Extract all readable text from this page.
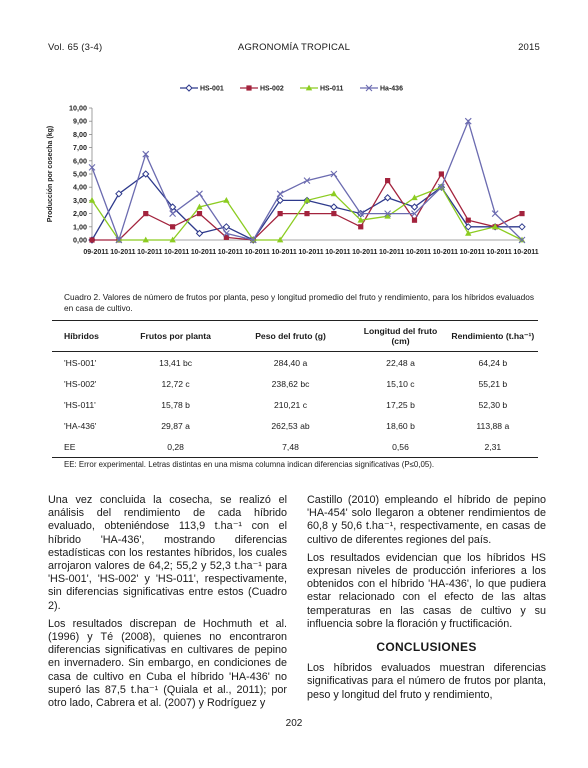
Vol. 65 (3-4)	AGRONOMÍA TROPICAL	2015
0,00
1,00
2,00
3,00
4,00
5,00
6,00
7,00
8,00
9,00
10,00
Producción por cosecha (kg)
09-2011 10-2011 10-2011 10-2011 10-2011 10-2011 10-2011 10-2011 10-2011 10-2011 10-2011 10-2011 10-2011 10-2011 10-2011 10-2011 10-2011
HS-001	HS-002	HS-011	Ha-436
Cuadro 2. Valores de número de frutos por planta, peso y longitud promedio del fruto y rendimiento, para los híbridos evaluados en casa de cultivo.
Híbridos	Frutos por planta	Peso del fruto (g)	Longitud del fruto (cm)	Rendimiento (t.ha⁻¹)
'HS-001'	13,41 bc	284,40 a	22,48 a	64,24 b
'HS-002'	12,72 c	238,62 bc	15,10 c	55,21 b
'HS-011'	15,78 b	210,21 c	17,25 b	52,30 b
'HA-436'	29,87 a	262,53 ab	18,60 b	113,88 a
EE	0,28	7,48	0,56	2,31
EE: Error experimental. Letras distintas en una misma columna indican diferencias significativas (P≤0,05).

Una vez concluida la cosecha, se realizó el análisis del rendimiento de cada híbrido evaluado, obteniéndose 113,9 t.ha⁻¹ con el híbrido 'HA-436', mostrando diferencias estadísticas con los restantes híbridos, los cuales arrojaron valores de 64,2; 55,2 y 52,3 t.ha⁻¹ para 'HS-001', 'HS-002' y 'HS-011', respectivamente, sin diferencias significativas entre estos (Cuadro 2).

Los resultados discrepan de Hochmuth et al. (1996) y Té (2008), quienes no encontraron diferencias significativas en cultivares de pepino en invernadero. Sin embargo, en condiciones de casa de cultivo en Cuba el híbrido 'HA-436' no superó las 87,5 t.ha⁻¹ (Quiala et al., 2011); por otro lado, Cabrera et al. (2007) y Rodríguez y

Castillo (2010) empleando el híbrido de pepino 'HA-454' solo llegaron a obtener rendimientos de 60,8 y 50,6 t.ha⁻¹, respectivamente, en casas de cultivo de diferentes regiones del país.

Los resultados evidencian que los híbridos HS expresan niveles de producción inferiores a los obtenidos con el híbrido 'HA-436', lo que pudiera estar relacionado con el efecto de las altas temperaturas en las casas de cultivo y su influencia sobre la floración y fructificación.

CONCLUSIONES

Los híbridos evaluados muestran diferencias significativas para el número de frutos por planta, peso y longitud del fruto y rendimiento,

202
